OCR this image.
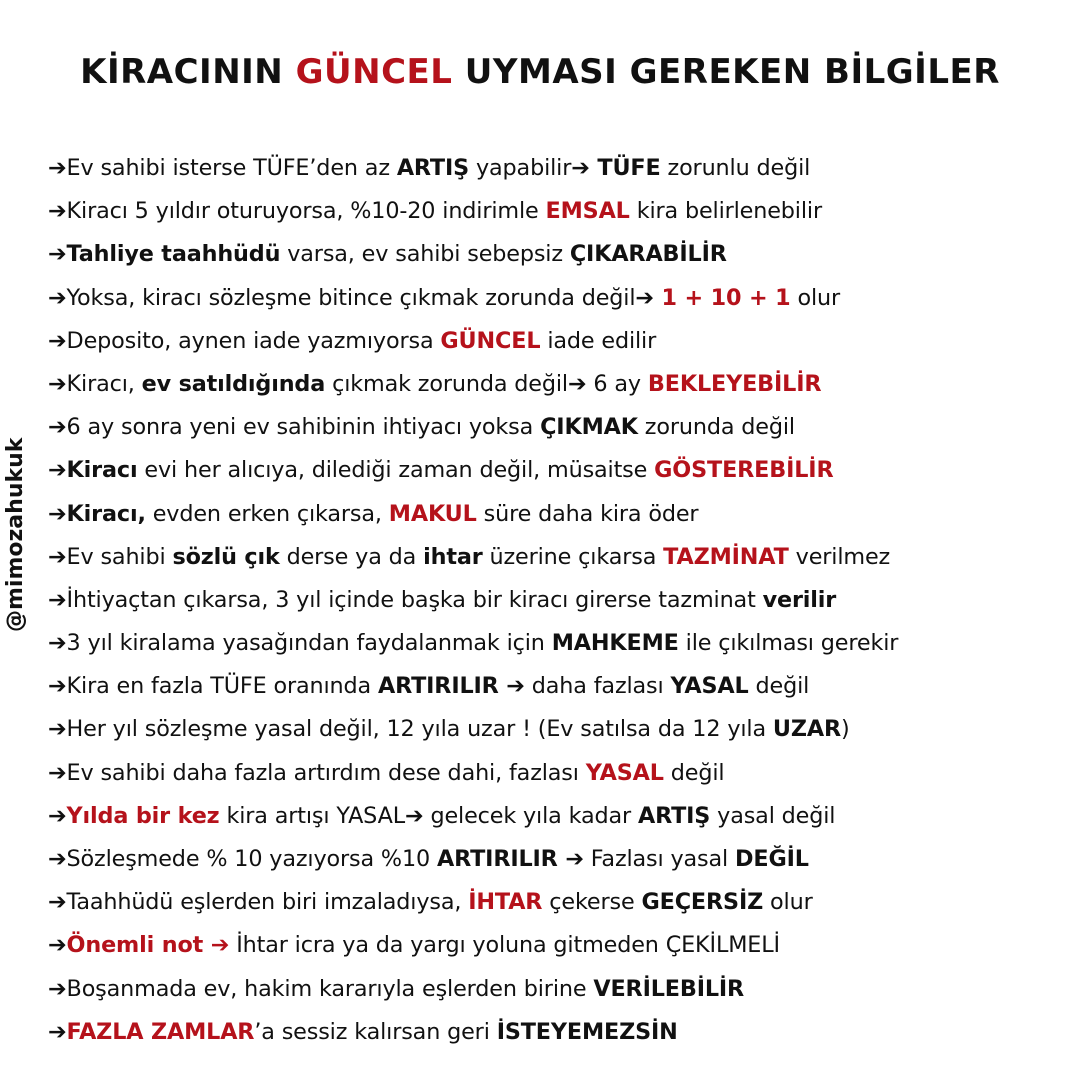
KİRACININ GÜNCEL UYMASI GEREKEN BİLGİLER
@mimozahukuk
➔Ev sahibi isterse TÜFE’den az ARTIŞ yapabilir➔ TÜFE zorunlu değil
➔Kiracı 5 yıldır oturuyorsa, %10-20 indirimle EMSAL kira belirlenebilir
➔Tahliye taahhüdü varsa, ev sahibi sebepsiz ÇIKARABİLİR
➔Yoksa, kiracı sözleşme bitince çıkmak zorunda değil➔ 1 + 10 + 1 olur
➔Deposito, aynen iade yazmıyorsa GÜNCEL iade edilir
➔Kiracı, ev satıldığında çıkmak zorunda değil➔ 6 ay BEKLEYEBİLİR
➔6 ay sonra yeni ev sahibinin ihtiyacı yoksa ÇIKMAK zorunda değil
➔Kiracı evi her alıcıya, dilediği zaman değil, müsaitse GÖSTEREBİLİR
➔Kiracı, evden erken çıkarsa, MAKUL süre daha kira öder
➔Ev sahibi sözlü çık derse ya da ihtar üzerine çıkarsa TAZMİNAT verilmez
➔İhtiyaçtan çıkarsa, 3 yıl içinde başka bir kiracı girerse tazminat verilir
➔3 yıl kiralama yasağından faydalanmak için MAHKEME ile çıkılması gerekir
➔Kira en fazla TÜFE oranında ARTIRILIR ➔ daha fazlası YASAL değil
➔Her yıl sözleşme yasal değil, 12 yıla uzar ! (Ev satılsa da 12 yıla UZAR)
➔Ev sahibi daha fazla artırdım dese dahi, fazlası YASAL değil
➔Yılda bir kez kira artışı YASAL➔ gelecek yıla kadar ARTIŞ yasal değil
➔Sözleşmede % 10 yazıyorsa %10 ARTIRILIR ➔ Fazlası yasal DEĞİL
➔Taahhüdü eşlerden biri imzaladıysa, İHTAR çekerse GEÇERSİZ olur
➔Önemli not ➔ İhtar icra ya da yargı yoluna gitmeden ÇEKİLMELİ
➔Boşanmada ev, hakim kararıyla eşlerden birine VERİLEBİLİR
➔FAZLA ZAMLAR’a sessiz kalırsan geri İSTEYEMEZSİN
